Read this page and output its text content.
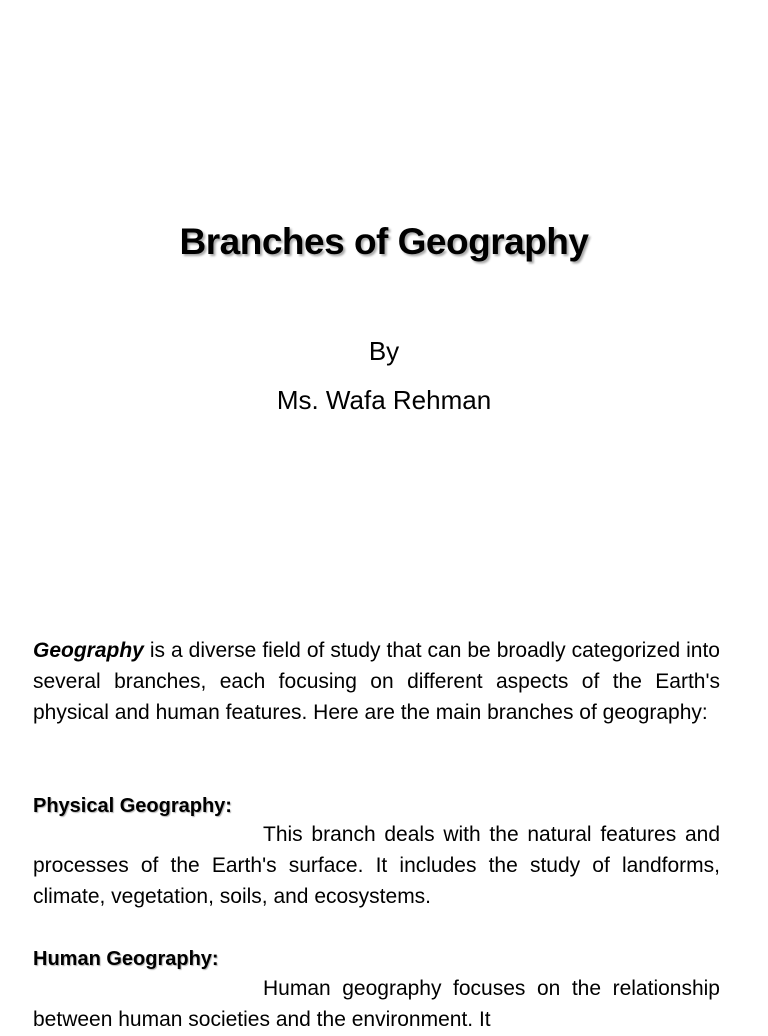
Branches of Geography

By

Ms. Wafa Rehman

Geography is a diverse field of study that can be broadly categorized into several branches, each focusing on different aspects of the Earth's physical and human features. Here are the main branches of geography:

Physical Geography:

This branch deals with the natural features and processes of the Earth's surface. It includes the study of landforms, climate, vegetation, soils, and ecosystems.

Human Geography:

Human geography focuses on the relationship between human societies and the environment. It
